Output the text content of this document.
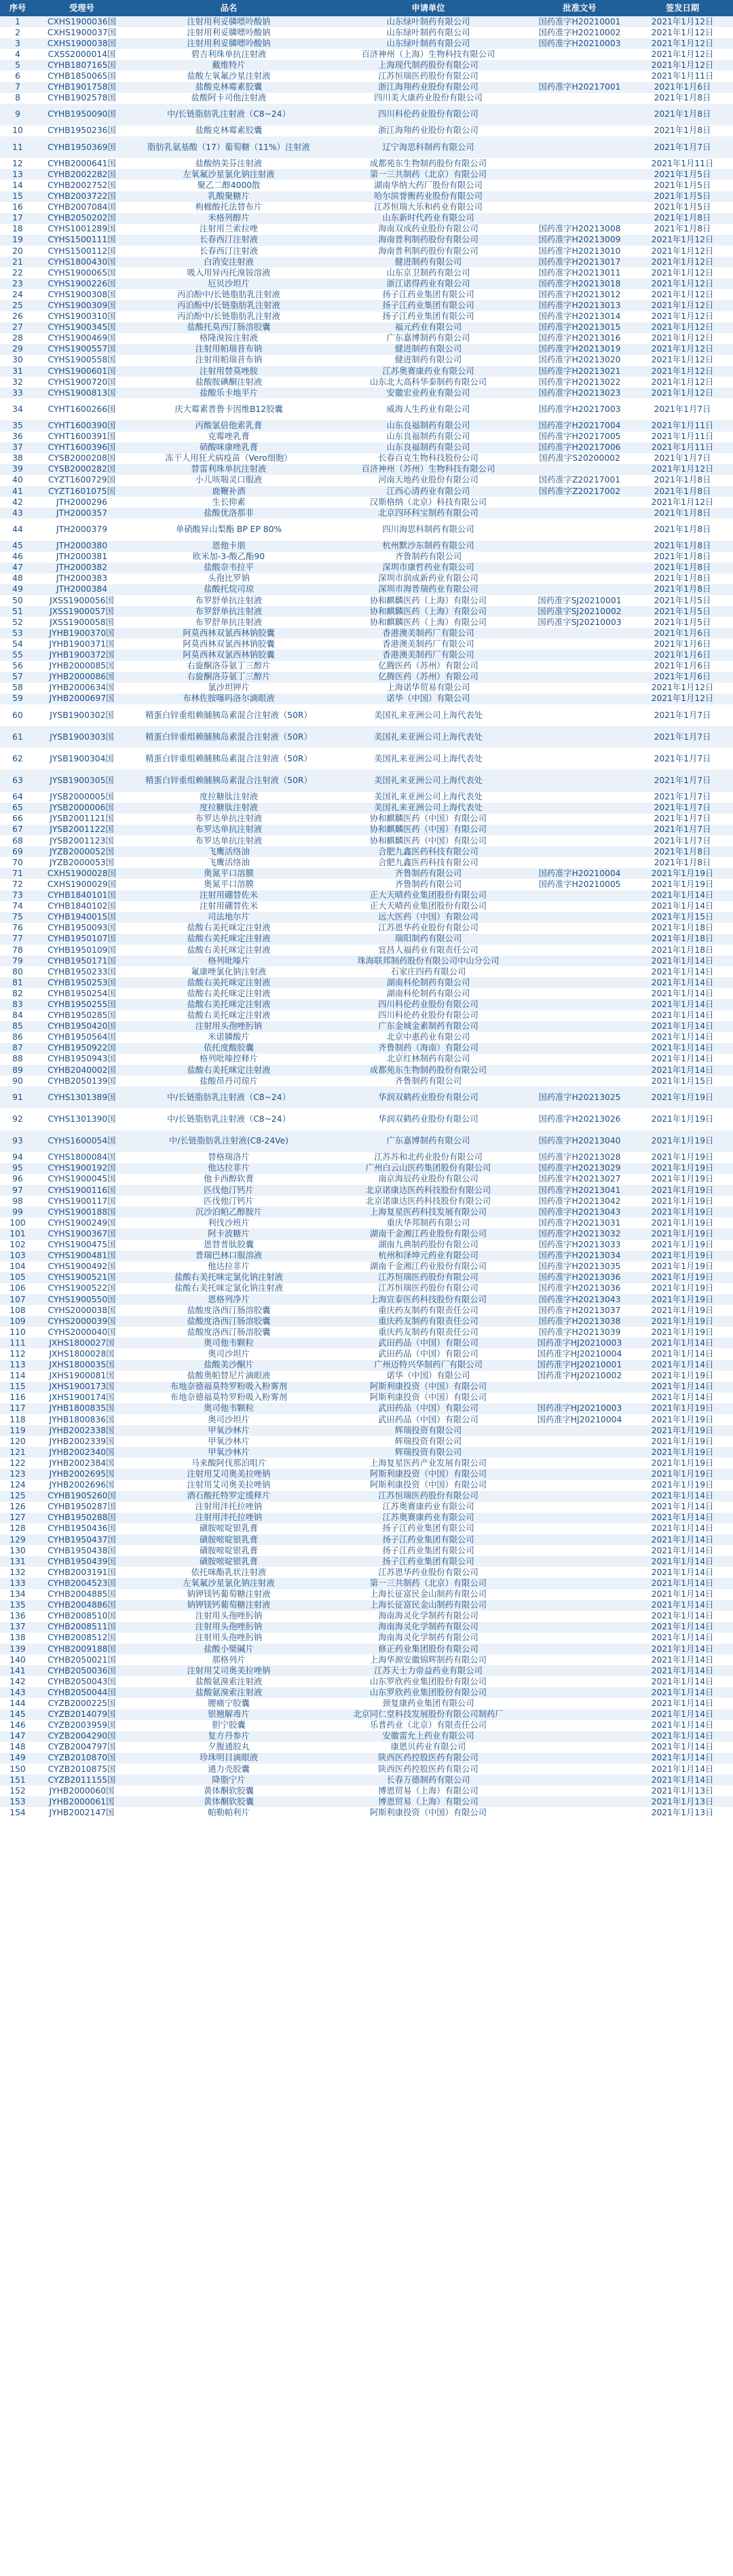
序号	受理号	品名	申请单位	批准文号	签发日期
1	CXHS1900036国	注射用利妥膦嘌呤酸钠	山东绿叶制药有限公司	国药准字H20210001	2021年1月12日
2	CXHS1900037国	注射用利妥膦嘌呤酸钠	山东绿叶制药有限公司	国药准字H20210002	2021年1月12日
3	CXHS1900038国	注射用利妥膦嘌呤酸钠	山东绿叶制药有限公司	国药准字H20210003	2021年1月12日
4	CXSS2000014国	碧吉利珠单抗注射液	百济神州（上海）生物科技有限公司		2021年1月12日
5	CYHB1807165国	戴维特片	上海现代制药股份有限公司		2021年1月12日
6	CYHB1850065国	盐酸左氧氟沙星注射液	江苏恒瑞医药股份有限公司		2021年1月11日
7	CYHB1901758国	盐酸克林霉素胶囊	浙江海翔药业股份有限公司	国药准字H20217001	2021年1月6日
8	CYHB1902578国	盐酸阿卡司他注射液	四川美大康药业股份有限公司		2021年1月8日
9	CYHB1950090国	中/长链脂肪乳注射液（C8~24）	四川科伦药业股份有限公司		2021年1月8日
10	CYHB1950236国	盐酸克林霉素胶囊	浙江海翔药业股份有限公司		2021年1月8日
11	CYHB1950369国	脂肪乳氨基酸（17）葡萄糖（11%）注射液	辽宁海思科制药有限公司		2021年1月7日
12	CYHB2000641国	盐酸纳美芬注射液	成都苑东生物制药股份有限公司		2021年1月11日
13	CYHB2002282国	左氧氟沙星氯化钠注射液	第一三共制药（北京）有限公司		2021年1月5日
14	CYHB2002752国	聚乙二醇4000散	湖南华纳大药厂股份有限公司		2021年1月5日
15	CYHB2003722国	乳酸聚糖片	哈尔滨誉衡药业股份有限公司		2021年1月5日
16	CYHB2007084国	枸橼酸托法替布片	江苏恒瑞大乐和药业有限公司		2021年1月5日
17	CYHB2050202国	米格列醇片	山东新时代药业有限公司		2021年1月8日
18	CYHS1001289国	注射用兰索拉唑	海南双成药业股份有限公司	国药准字H20213008	2021年1月8日
19	CYHS1500111国	长春西汀注射液	海南普利制药股份有限公司	国药准字H20213009	2021年1月12日
20	CYHS1500112国	长春西汀注射液	海南普利制药股份有限公司	国药准字H20213010	2021年1月12日
21	CYHS1800430国	白消安注射液	健进制药有限公司	国药准字H20213017	2021年1月12日
22	CYHS1900065国	吸入用异丙托溴铵溶液	山东京卫制药有限公司	国药准字H20213011	2021年1月12日
23	CYHS1900226国	厄贝沙坦片	浙江诺得药业有限公司	国药准字H20213018	2021年1月12日
24	CYHS1900308国	丙泊酚中/长链脂肪乳注射液	扬子江药业集团有限公司	国药准字H20213012	2021年1月12日
25	CYHS1900309国	丙泊酚中/长链脂肪乳注射液	扬子江药业集团有限公司	国药准字H20213013	2021年1月12日
26	CYHS1900310国	丙泊酚中/长链脂肪乳注射液	扬子江药业集团有限公司	国药准字H20213014	2021年1月12日
27	CYHS1900345国	盐酸托莫西汀肠溶胶囊	福元药业有限公司	国药准字H20213015	2021年1月12日
28	CYHS1900469国	格隆溴铵注射液	广东嘉博制药有限公司	国药准字H20213016	2021年1月12日
29	CYHS1900557国	注射用帕瑞昔布钠	健进制药有限公司	国药准字H20213019	2021年1月12日
30	CYHS1900558国	注射用帕瑞昔布钠	健进制药有限公司	国药准字H20213020	2021年1月12日
31	CYHS1900601国	注射用替莫唑胺	江苏奥赛康药业有限公司	国药准字H20213021	2021年1月12日
32	CYHS1900720国	盐酸胺碘酮注射液	山东北大高科华泰制药有限公司	国药准字H20213022	2021年1月12日
33	CYHS1900813国	盐酸乐卡地平片	安徽宏业药业有限公司	国药准字H20213023	2021年1月12日
34	CYHT1600266国	庆大霉素普鲁卡因维B12胶囊	威海人生药业有限公司	国药准字H20217003	2021年1月7日
35	CYHT1600390国	丙酸氯倍他索乳膏	山东良福制药有限公司	国药准字H20217004	2021年1月11日
36	CYHT1600391国	克霉唑乳膏	山东良福制药有限公司	国药准字H20217005	2021年1月11日
37	CYHT1600396国	硝酸咪康唑乳膏	山东良福制药有限公司	国药准字H20217006	2021年1月11日
38	CYSB2000208国	冻干人用狂犬病疫苗（Vero细胞）	长春百克生物科技股份公司	国药准字S20200002	2021年1月7日
39	CYSB2000282国	替雷利珠单抗注射液	百济神州（苏州）生物科技有限公司		2021年1月12日
40	CYZT1600729国	小儿咳喘灵口服液	河南天地药业股份有限公司	国药准字Z20217001	2021年1月8日
41	CYZT1601075国	鹿鞭补酒	江西心清药业有限公司	国药准字Z20217002	2021年1月8日
42	JTH2000296	生长抑素	汉斯格纳（北京）科技有限公司		2021年1月12日
43	JTH2000357	盐酸优洛那非	北京四环科宝制药有限公司		2021年1月8日
44	JTH2000379	单硝酸异山梨酯 BP EP 80%	四川海思科制药有限公司		2021年1月8日
45	JTH2000380	恩他卡朋	杭州默沙东制药有限公司		2021年1月8日
46	JTH2000381	欧米加-3-酸乙酯90	齐鲁制药有限公司		2021年1月8日
47	JTH2000382	盐酸奈韦拉平	深圳市康哲药业有限公司		2021年1月8日
48	JTH2000383	头孢比罗钠	深圳市润成新药业有限公司		2021年1月8日
49	JTH2000384	盐酸托烷司琼	深圳市海普瑞药业有限公司		2021年1月8日
50	JXSS1900056国	布罗舒单抗注射液	协和麒麟医药（上海）有限公司	国药准字SJ20210001	2021年1月5日
51	JXSS1900057国	布罗舒单抗注射液	协和麒麟医药（上海）有限公司	国药准字SJ20210002	2021年1月5日
52	JXSS1900058国	布罗舒单抗注射液	协和麒麟医药（上海）有限公司	国药准字SJ20210003	2021年1月5日
53	JYHB1900370国	阿莫西林双氯西林钠胶囊	香港澳美制药厂有限公司		2021年1月6日
54	JYHB1900371国	阿莫西林双氯西林钠胶囊	香港澳美制药厂有限公司		2021年1月6日
55	JYHB1900372国	阿莫西林双氯西林钠胶囊	香港澳美制药厂有限公司		2021年1月6日
56	JYHB2000085国	右旋酮洛芬氨丁三醇片	亿腾医药（苏州）有限公司		2021年1月6日
57	JYHB2000086国	右旋酮洛芬氨丁三醇片	亿腾医药（苏州）有限公司		2021年1月6日
58	JYHB2000634国	氯沙坦钾片	上海诺华贸易有限公司		2021年1月12日
59	JYHB2000697国	布林佐胺噻吗洛尔滴眼液	诺华（中国）有限公司		2021年1月12日
60	JYSB1900302国	精蛋白锌重组赖脯胰岛素混合注射液（50R）	美国礼来亚洲公司上海代表处		2021年1月7日
61	JYSB1900303国	精蛋白锌重组赖脯胰岛素混合注射液（50R）	美国礼来亚洲公司上海代表处		2021年1月7日
62	JYSB1900304国	精蛋白锌重组赖脯胰岛素混合注射液（50R）	美国礼来亚洲公司上海代表处		2021年1月7日
63	JYSB1900305国	精蛋白锌重组赖脯胰岛素混合注射液（50R）	美国礼来亚洲公司上海代表处		2021年1月7日
64	JYSB2000005国	度拉糖肽注射液	美国礼来亚洲公司上海代表处		2021年1月7日
65	JYSB2000006国	度拉糖肽注射液	美国礼来亚洲公司上海代表处		2021年1月7日
66	JYSB2001121国	布罗达单抗注射液	协和麒麟医药（中国）有限公司		2021年1月7日
67	JYSB2001122国	布罗达单抗注射液	协和麒麟医药（中国）有限公司		2021年1月7日
68	JYSB2001123国	布罗达单抗注射液	协和麒麟医药（中国）有限公司		2021年1月7日
69	JYZB2000052国	飞鹰活络油	合肥九鑫医药科技有限公司		2021年1月8日
70	JYZB2000053国	飞鹰活络油	合肥九鑫医药科技有限公司		2021年1月8日
71	CXHS1900028国	奥氮平口溶膜	齐鲁制药有限公司	国药准字H20210004	2021年1月19日
72	CXHS1900029国	奥氮平口溶膜	齐鲁制药有限公司	国药准字H20210005	2021年1月19日
73	CYHB1840101国	注射用硼替佐米	正大天晴药业集团股份有限公司		2021年1月14日
74	CYHB1840102国	注射用硼替佐米	正大天晴药业集团股份有限公司		2021年1月14日
75	CYHB1940015国	司法地尔片	远大医药（中国）有限公司		2021年1月15日
76	CYHB1950093国	盐酸右美托咪定注射液	江苏恩华药业股份有限公司		2021年1月18日
77	CYHB1950107国	盐酸右美托咪定注射液	瑞阳制药有限公司		2021年1月18日
78	CYHB1950109国	盐酸右美托咪定注射液	宜昌人福药业有限责任公司		2021年1月18日
79	CYHB1950171国	格列吡嗪片	珠海联邦制药股份有限公司中山分公司		2021年1月14日
80	CYHB1950233国	氟康唑氯化钠注射液	石家庄四药有限公司		2021年1月14日
81	CYHB1950253国	盐酸右美托咪定注射液	湖南科伦制药有限公司		2021年1月14日
82	CYHB1950254国	盐酸右美托咪定注射液	湖南科伦制药有限公司		2021年1月14日
83	CYHB1950255国	盐酸右美托咪定注射液	四川科伦药业股份有限公司		2021年1月14日
84	CYHB1950285国	盐酸右美托咪定注射液	四川科伦药业股份有限公司		2021年1月14日
85	CYHB1950420国	注射用头孢唑肟钠	广东金城金素制药有限公司		2021年1月14日
86	CYHB1950564国	米诺膦酸片	北京中惠药业有限公司		2021年1月14日
87	CYHB1950922国	依托度酸胶囊	齐鲁制药（海南）有限公司		2021年1月14日
88	CYHB1950943国	格列吡嗪控释片	北京红林制药有限公司		2021年1月14日
89	CYHB2040002国	盐酸右美托咪定注射液	成都苑东生物制药股份有限公司		2021年1月14日
90	CYHB2050139国	盐酸昂丹司琼片	齐鲁制药有限公司		2021年1月15日
91	CYHS1301389国	中/长链脂肪乳注射液（C8~24）	华润双鹤药业股份有限公司	国药准字H20213025	2021年1月19日
92	CYHS1301390国	中/长链脂肪乳注射液（C8~24）	华润双鹤药业股份有限公司	国药准字H20213026	2021年1月19日
93	CYHS1600054国	中/长链脂肪乳注射液(C8-24Ve)	广东嘉博制药有限公司	国药准字H20213040	2021年1月19日
94	CYHS1800084国	替格瑞洛片	江苏苏和北药业股份有限公司	国药准字H20213028	2021年1月19日
95	CYHS1900192国	他达拉非片	广州白云山医药集团股份有限公司	国药准字H20213029	2021年1月19日
96	CYHS1900045国	他卡西醇软膏	南京海辰药业股份有限公司	国药准字H20213027	2021年1月19日
97	CYHS1900116国	匹伐他汀钙片	北京诺康达医药科技股份有限公司	国药准字H20213041	2021年1月19日
98	CYHS1900117国	匹伐他汀钙片	北京诺康达医药科技股份有限公司	国药准字H20213042	2021年1月19日
99	CYHS1900188国	沉沙泊帕乙醇胺片	上海复星医药科技发展有限公司	国药准字H20213043	2021年1月19日
100	CYHS1900249国	利伐沙班片	重庆华邦制药有限公司	国药准字H20213031	2021年1月19日
101	CYHS1900367国	阿卡波糖片	湖南千金湘江药业股份有限公司	国药准字H20213032	2021年1月19日
102	CYHS1900475国	恩替普肽胶囊	湖南九典制药股份有限公司	国药准字H20213033	2021年1月19日
103	CYHS1900481国	普瑞巴林口服溶液	杭州和泽坤元药业有限公司	国药准字H20213034	2021年1月19日
104	CYHS1900492国	他达拉非片	湖南千金湘江药业股份有限公司	国药准字H20213035	2021年1月19日
105	CYHS1900521国	盐酸右美托咪定氯化钠注射液	江苏恒瑞医药股份有限公司	国药准字H20213036	2021年1月19日
106	CYHS1900522国	盐酸右美托咪定氯化钠注射液	江苏恒瑞医药股份有限公司	国药准字H20213036	2021年1月19日
107	CYHS1900550国	恩格列净片	上海宣泰医药科技股份有限公司	国药准字H20213043	2021年1月19日
108	CYHS2000038国	盐酸度洛西汀肠溶胶囊	重庆药友制药有限责任公司	国药准字H20213037	2021年1月19日
109	CYHS2000039国	盐酸度洛西汀肠溶胶囊	重庆药友制药有限责任公司	国药准字H20213038	2021年1月19日
110	CYHS2000040国	盐酸度洛西汀肠溶胶囊	重庆药友制药有限责任公司	国药准字H20213039	2021年1月19日
111	JXHS1800027国	奥司他韦颗粒	武田药品（中国）有限公司	国药准字HJ20210003	2021年1月14日
112	JXHS1800028国	奥司沙坦片	武田药品（中国）有限公司	国药准字HJ20210004	2021年1月14日
113	JXHS1800035国	盐酸美沙酮片	广州迈特兴华制药厂有限公司	国药准字HJ20210001	2021年1月14日
114	JXHS1900081国	盐酸奥帕替尼片滴眼液	诺华（中国）有限公司	国药准字HJ20210002	2021年1月19日
115	JXHS1900173国	布地奈德福莫特罗粉吸入粉雾剂	阿斯利康投资（中国）有限公司		2021年1月14日
116	JXHS1900174国	布地奈德福莫特罗粉吸入粉雾剂	阿斯利康投资（中国）有限公司		2021年1月14日
117	JYHB1800835国	奥司他韦颗粒	武田药品（中国）有限公司	国药准字HJ20210003	2021年1月19日
118	JYHB1800836国	奥司沙坦片	武田药品（中国）有限公司	国药准字HJ20210004	2021年1月19日
119	JYHB2002338国	甲氧沙林片	辉瑞投资有限公司		2021年1月19日
120	JYHB2002339国	甲氧沙林片	辉瑞投资有限公司		2021年1月19日
121	JYHB2002340国	甲氧沙林片	辉瑞投资有限公司		2021年1月19日
122	JYHB2002384国	马来酸阿伐那泊咀片	上海复星医药产业发展有限公司		2021年1月19日
123	JYHB2002695国	注射用艾司奥美拉唑钠	阿斯利康投资（中国）有限公司		2021年1月19日
124	JYHB2002696国	注射用艾司奥美拉唑钠	阿斯利康投资（中国）有限公司		2021年1月19日
125	CYHB1905260国	酒石酸托特罗定缓释片	江苏恒瑞医药股份有限公司		2021年1月14日
126	CYHB1950287国	注射用泮托拉唑钠	江苏奥赛康药业有限公司		2021年1月14日
127	CYHB1950288国	注射用泮托拉唑钠	江苏奥赛康药业有限公司		2021年1月14日
128	CYHB1950436国	磺胺嘧啶银乳膏	扬子江药业集团有限公司		2021年1月14日
129	CYHB1950437国	磺胺嘧啶银乳膏	扬子江药业集团有限公司		2021年1月14日
130	CYHB1950438国	磺胺嘧啶银乳膏	扬子江药业集团有限公司		2021年1月14日
131	CYHB1950439国	磺胺嘧啶银乳膏	扬子江药业集团有限公司		2021年1月14日
132	CYHB2003191国	依托咪酯乳状注射液	江苏恩华药业股份有限公司		2021年1月14日
133	CYHB2004523国	左氧氟沙星氯化钠注射液	第一三共制药（北京）有限公司		2021年1月14日
134	CYHB2004885国	钠钾镁钙葡萄糖注射液	上海长征富民金山制药有限公司		2021年1月14日
135	CYHB2004886国	钠钾镁钙葡萄糖注射液	上海长征富民金山制药有限公司		2021年1月14日
136	CYHB2008510国	注射用头孢唑肟钠	海南海灵化学制药有限公司		2021年1月14日
137	CYHB2008511国	注射用头孢唑肟钠	海南海灵化学制药有限公司		2021年1月14日
138	CYHB2008512国	注射用头孢唑肟钠	海南海灵化学制药有限公司		2021年1月14日
139	CYHB2009188国	盐酸小檗碱片	修正药业集团股份有限公司		2021年1月14日
140	CYHB2050021国	那格列片	上海华源安徽锦辉制药有限公司		2021年1月14日
141	CYHB2050036国	注射用艾司奥美拉唑钠	江苏天士力帝益药业有限公司		2021年1月14日
142	CYHB2050043国	盐酸氨溴索注射液	山东罗欣药业集团股份有限公司		2021年1月14日
143	CYHB2050044国	盐酸氨溴索注射液	山东罗欣药业集团股份有限公司		2021年1月14日
144	CYZB2000225国	腰痛宁胶囊	颈复康药业集团有限公司		2021年1月14日
145	CYZB2014079国	银翘解毒片	北京同仁堂科技发展股份有限公司制药厂		2021年1月14日
146	CYZB2003959国	胆宁胶囊	乐普药业（北京）有限责任公司		2021年1月14日
147	CYZB2004290国	复方丹参片	安徽雷允上药业有限公司		2021年1月14日
148	CYZB2004797国	夕腹通胶丸	康恩贝药业有限公司		2021年1月14日
149	CYZB2010870国	珍珠明目滴眼液	陕西医药控股医药有限公司		2021年1月14日
150	CYZB2010875国	通力壳胶囊	陕西医药控股医药有限公司		2021年1月14日
151	CYZB2011155国	降脂宁片	长春万德制药有限公司		2021年1月14日
152	JYHB2000060国	黄体酮软胶囊	博恩贸易（上海）有限公司		2021年1月13日
153	JYHB2000061国	黄体酮软胶囊	博恩贸易（上海）有限公司		2021年1月13日
154	JYHB2002147国	帕勒帕利片	阿斯利康投资（中国）有限公司		2021年1月13日
